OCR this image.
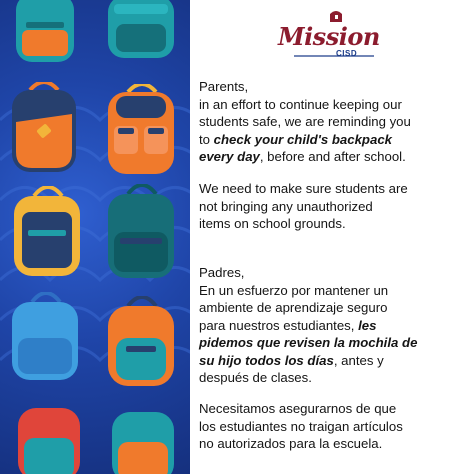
Mission
CISD

Parents,

in an effort to continue keeping our

students safe, we are reminding you

to check your child's backpack

every day, before and after school.

We need to make sure students are

not bringing any unauthorized

items on school grounds.

Padres,

En un esfuerzo por mantener un

ambiente de aprendizaje seguro

para nuestros estudiantes, les

pidemos que revisen la mochila de

su hijo todos los días, antes y

después de clases.

Necesitamos asegurarnos de que

los estudiantes no traigan artículos

no autorizados para la escuela.
